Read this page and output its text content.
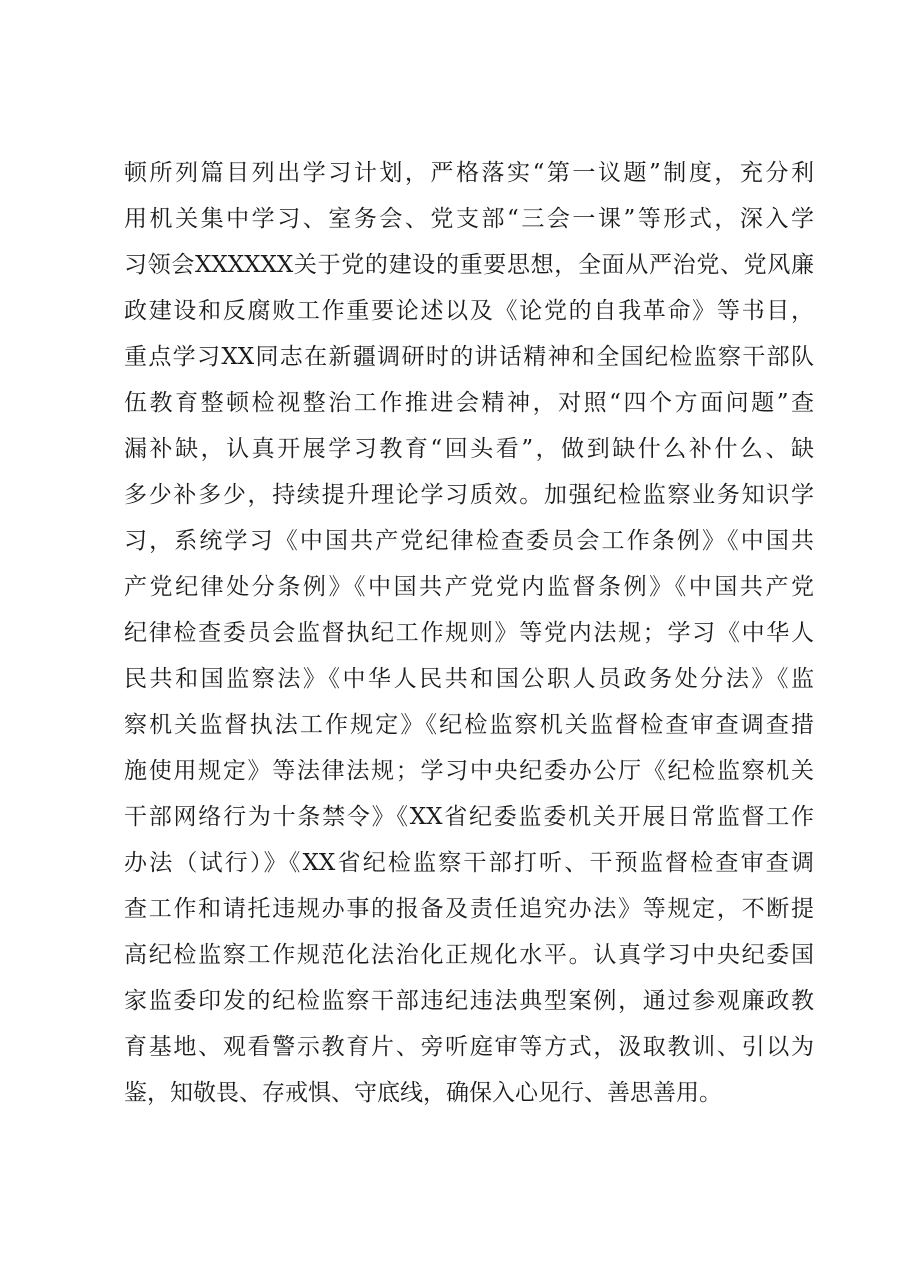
顿所列篇目列出学习计划，严格落实“第一议题”制度，充分利
用机关集中学习、室务会、党支部“三会一课”等形式，深入学
习领会XXXXXX关于党的建设的重要思想，全面从严治党、党风廉
政建设和反腐败工作重要论述以及《论党的自我革命》等书目，
重点学习XX同志在新疆调研时的讲话精神和全国纪检监察干部队
伍教育整顿检视整治工作推进会精神，对照“四个方面问题”查
漏补缺，认真开展学习教育“回头看”，做到缺什么补什么、缺
多少补多少，持续提升理论学习质效。加强纪检监察业务知识学
习，系统学习《中国共产党纪律检查委员会工作条例》《中国共
产党纪律处分条例》《中国共产党党内监督条例》《中国共产党
纪律检查委员会监督执纪工作规则》等党内法规；学习《中华人
民共和国监察法》《中华人民共和国公职人员政务处分法》《监
察机关监督执法工作规定》《纪检监察机关监督检查审查调查措
施使用规定》等法律法规；学习中央纪委办公厅《纪检监察机关
干部网络行为十条禁令》《XX省纪委监委机关开展日常监督工作
办法（试行）》《XX省纪检监察干部打听、干预监督检查审查调
查工作和请托违规办事的报备及责任追究办法》等规定，不断提
高纪检监察工作规范化法治化正规化水平。认真学习中央纪委国
家监委印发的纪检监察干部违纪违法典型案例，通过参观廉政教
育基地、观看警示教育片、旁听庭审等方式，汲取教训、引以为
鉴，知敬畏、存戒惧、守底线，确保入心见行、善思善用。
